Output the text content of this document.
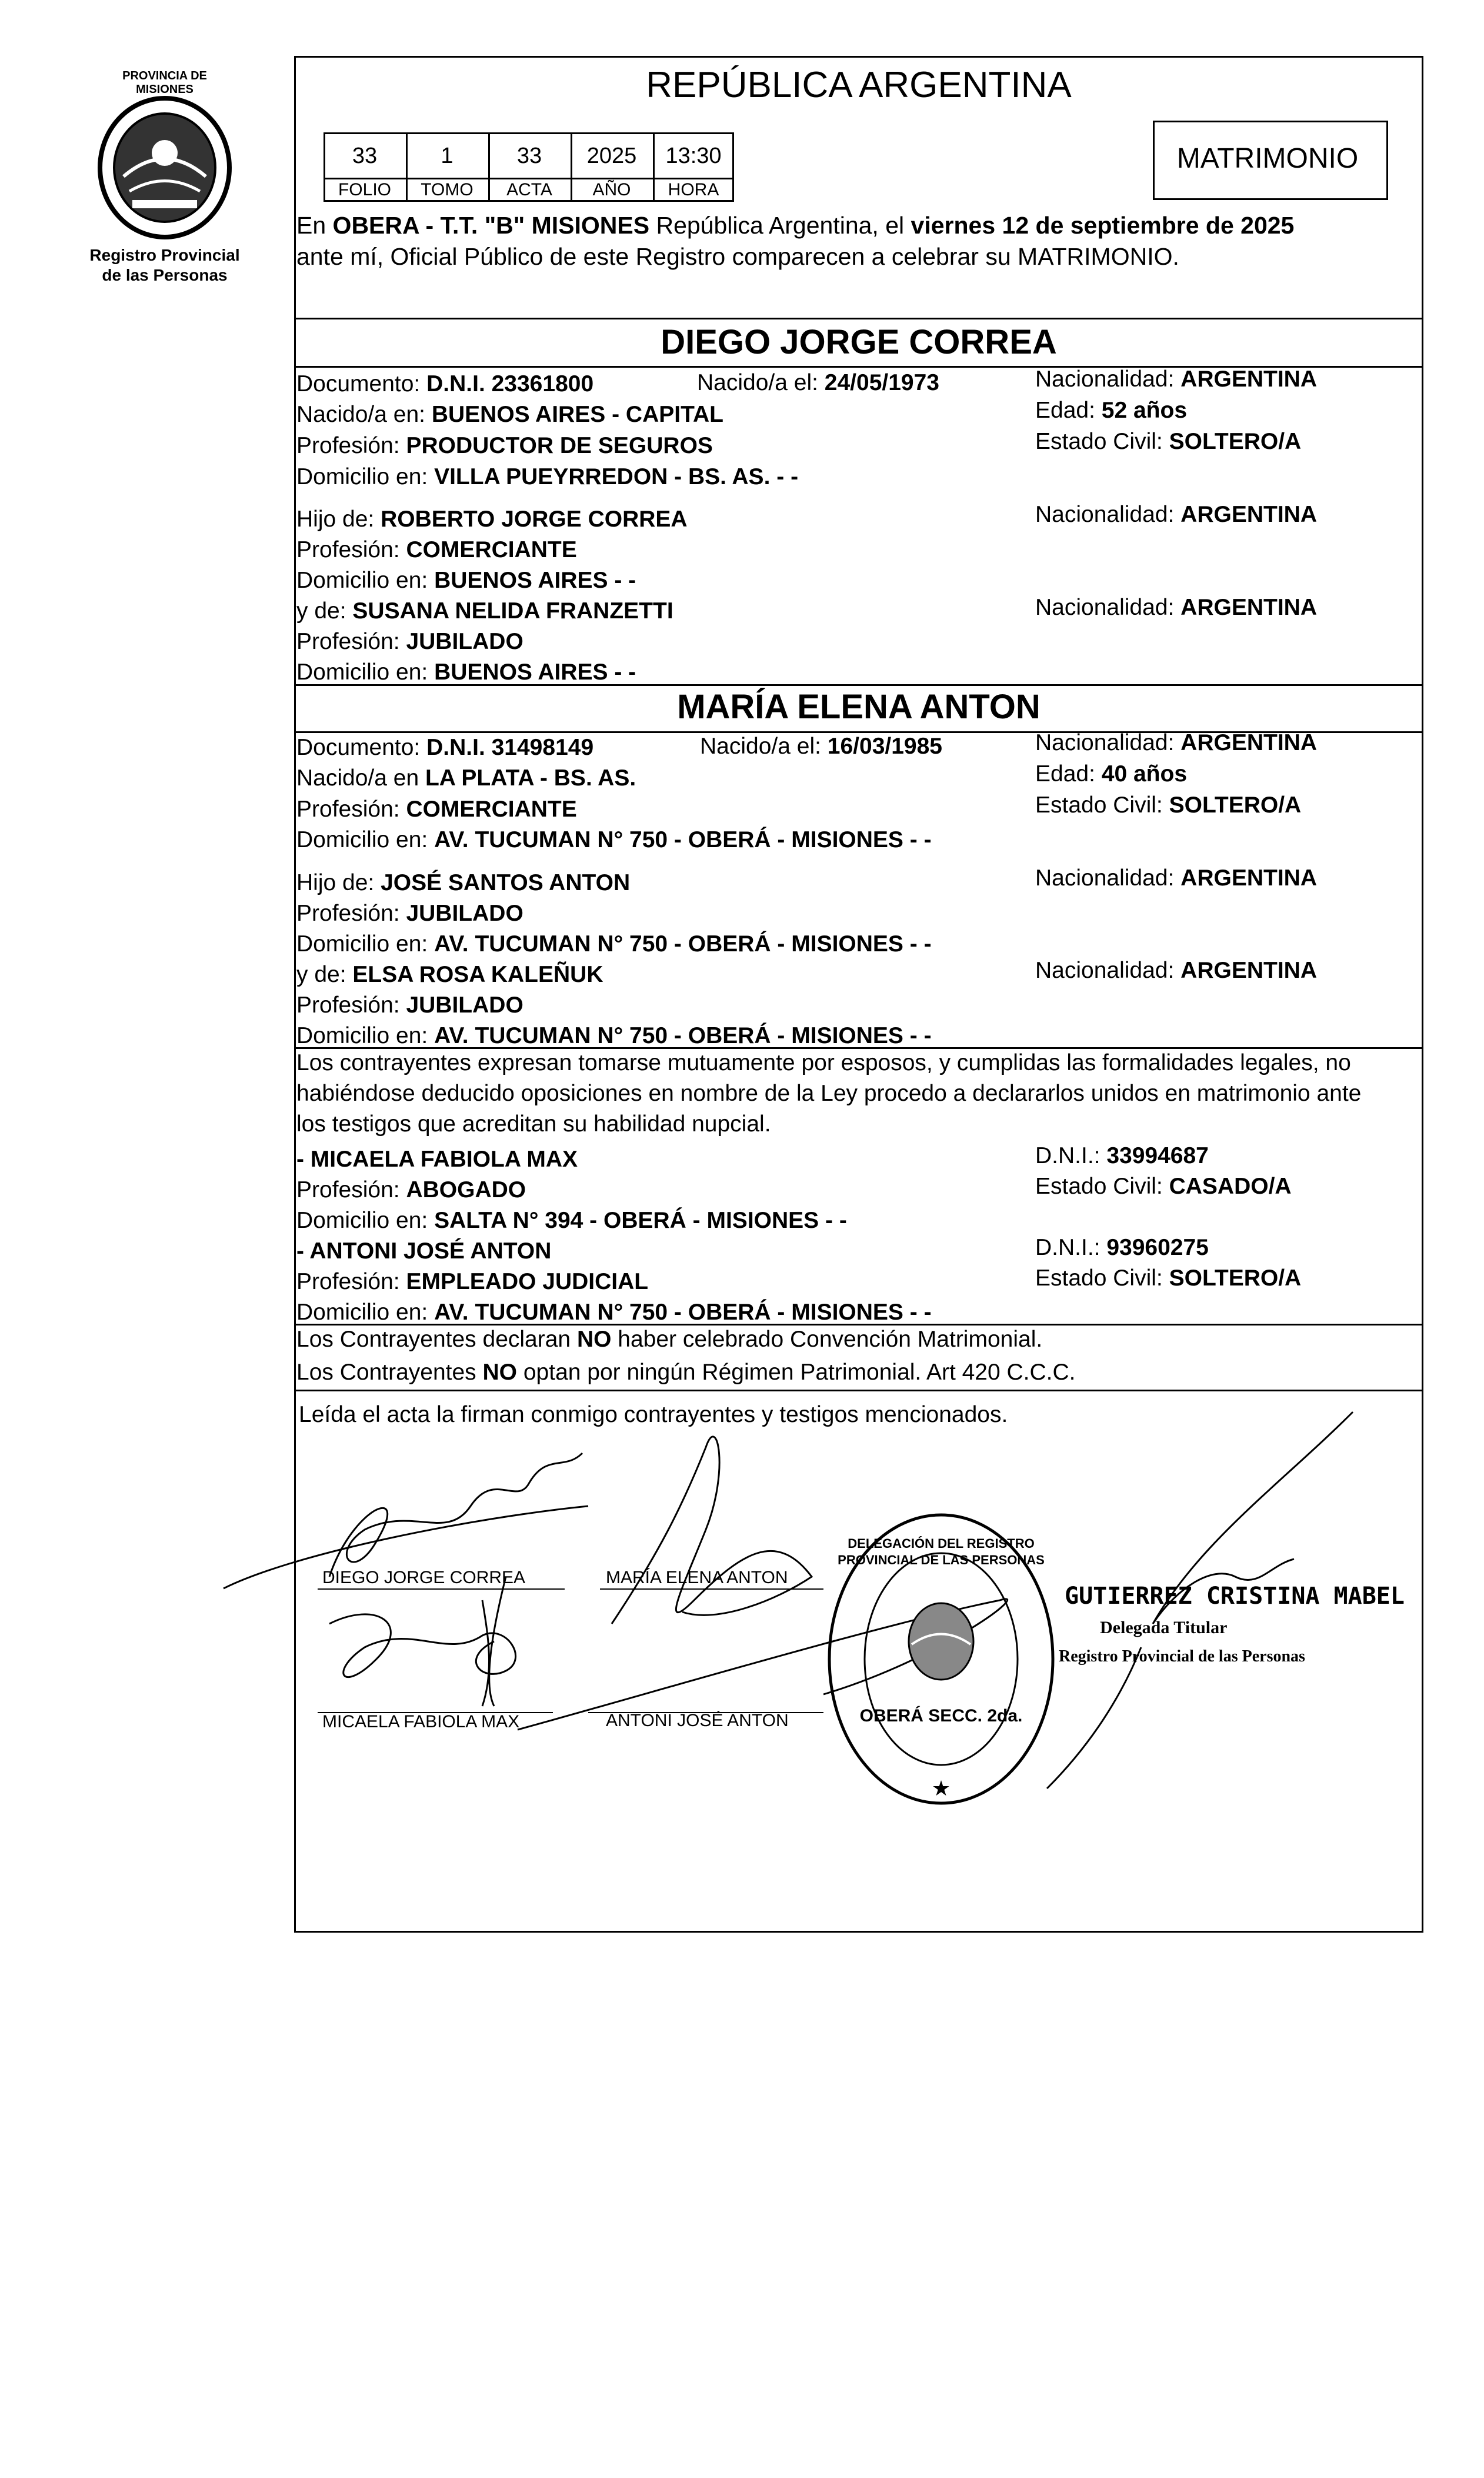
PROVINCIA DE MISIONES
Registro Provincial
de las Personas
REPÚBLICA ARGENTINA
33	1	33	2025	13:30
FOLIO	TOMO	ACTA	AÑO	HORA
MATRIMONIO
En OBERA - T.T. "B" MISIONES República Argentina, el viernes 12 de septiembre de 2025
ante mí, Oficial Público de este Registro comparecen a celebrar su MATRIMONIO.
DIEGO JORGE CORREA
Documento: D.N.I. 23361800	Nacido/a el: 24/05/1973	Nacionalidad: ARGENTINA
Nacido/a en: BUENOS AIRES - CAPITAL	Edad: 52 años
Profesión: PRODUCTOR DE SEGUROS	Estado Civil: SOLTERO/A
Domicilio en: VILLA PUEYRREDON - BS. AS. - -
Hijo de: ROBERTO JORGE CORREA	Nacionalidad: ARGENTINA
Profesión: COMERCIANTE
Domicilio en: BUENOS AIRES - -
y de: SUSANA NELIDA FRANZETTI	Nacionalidad: ARGENTINA
Profesión: JUBILADO
Domicilio en: BUENOS AIRES - -
MARÍA ELENA ANTON
Documento: D.N.I. 31498149	Nacido/a el: 16/03/1985	Nacionalidad: ARGENTINA
Nacido/a en LA PLATA - BS. AS.	Edad: 40 años
Profesión: COMERCIANTE	Estado Civil: SOLTERO/A
Domicilio en: AV. TUCUMAN N° 750 - OBERÁ - MISIONES - -
Hijo de: JOSÉ SANTOS ANTON	Nacionalidad: ARGENTINA
Profesión: JUBILADO
Domicilio en: AV. TUCUMAN N° 750 - OBERÁ - MISIONES - -
y de: ELSA ROSA KALEÑUK	Nacionalidad: ARGENTINA
Profesión: JUBILADO
Domicilio en: AV. TUCUMAN N° 750 - OBERÁ - MISIONES - -
Los contrayentes expresan tomarse mutuamente por esposos, y cumplidas las formalidades legales, no
habiéndose deducido oposiciones en nombre de la Ley procedo a declararlos unidos en matrimonio ante
los testigos que acreditan su habilidad nupcial.
- MICAELA FABIOLA MAX	D.N.I.: 33994687
Profesión: ABOGADO	Estado Civil: CASADO/A
Domicilio en: SALTA N° 394 - OBERÁ - MISIONES - -
- ANTONI JOSÉ ANTON	D.N.I.: 93960275
Profesión: EMPLEADO JUDICIAL	Estado Civil: SOLTERO/A
Domicilio en: AV. TUCUMAN N° 750 - OBERÁ - MISIONES - -
Los Contrayentes declaran NO haber celebrado Convención Matrimonial.
Los Contrayentes NO optan por ningún Régimen Patrimonial. Art 420 C.C.C.
Leída el acta la firman conmigo contrayentes y testigos mencionados.
DIEGO JORGE CORREA	MARÍA ELENA ANTON
MICAELA FABIOLA MAX	ANTONI JOSÉ ANTON
★
DELEGACIÓN DEL REGISTRO PROVINCIAL DE LAS PERSONAS
OBERÁ SECC. 2da.
GUTIERREZ CRISTINA MABEL
Delegada Titular
Registro Provincial de las Personas
